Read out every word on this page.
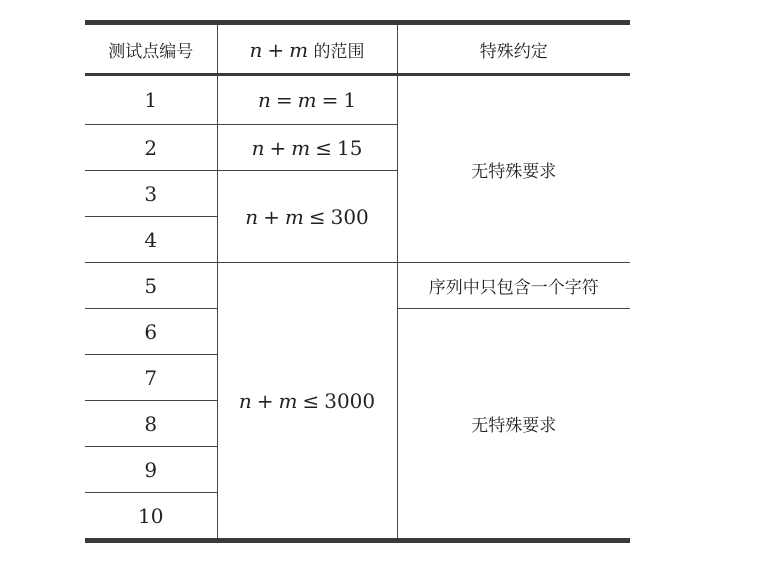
测试点编号	n + m 的范围	特殊约定
1	n = m = 1	无特殊要求
2	n + m ≤ 15	
3	n + m ≤ 300	
4		
5	n + m ≤ 3000	序列中只包含一个字符
6		无特殊要求
7		
8		
9		
10		
